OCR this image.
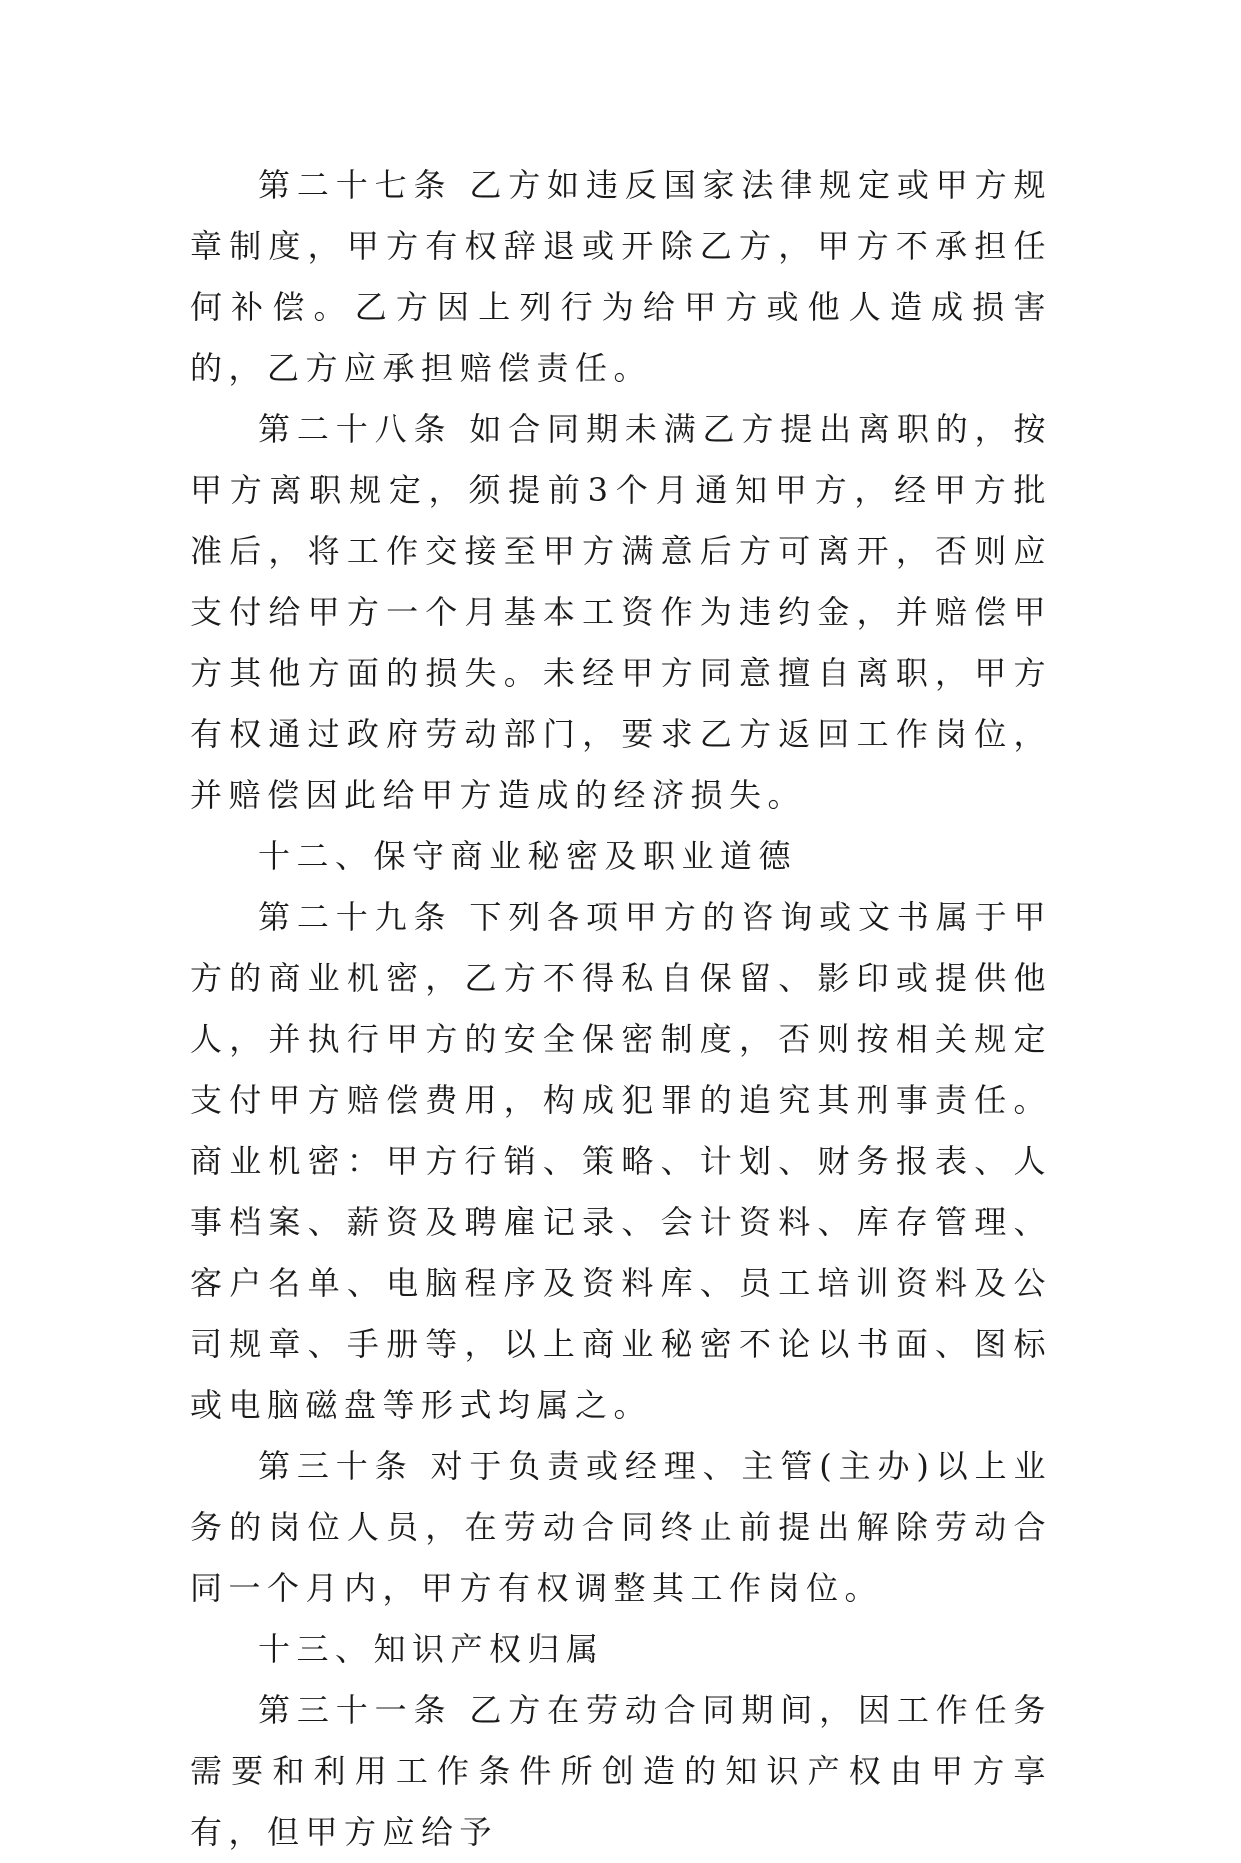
第二十七条 乙方如违反国家法律规定或甲方规章制度，甲方有权辞退或开除乙方，甲方不承担任何补偿。乙方因上列行为给甲方或他人造成损害的，乙方应承担赔偿责任。

第二十八条 如合同期未满乙方提出离职的，按甲方离职规定，须提前3个月通知甲方，经甲方批准后，将工作交接至甲方满意后方可离开，否则应支付给甲方一个月基本工资作为违约金，并赔偿甲方其他方面的损失。未经甲方同意擅自离职，甲方有权通过政府劳动部门，要求乙方返回工作岗位，并赔偿因此给甲方造成的经济损失。

十二、保守商业秘密及职业道德

第二十九条 下列各项甲方的咨询或文书属于甲方的商业机密，乙方不得私自保留、影印或提供他人，并执行甲方的安全保密制度，否则按相关规定支付甲方赔偿费用，构成犯罪的追究其刑事责任。商业机密：甲方行销、策略、计划、财务报表、人事档案、薪资及聘雇记录、会计资料、库存管理、客户名单、电脑程序及资料库、员工培训资料及公司规章、手册等，以上商业秘密不论以书面、图标或电脑磁盘等形式均属之。

第三十条 对于负责或经理、主管(主办)以上业务的岗位人员，在劳动合同终止前提出解除劳动合同一个月内，甲方有权调整其工作岗位。

十三、知识产权归属

第三十一条 乙方在劳动合同期间，因工作任务需要和利用工作条件所创造的知识产权由甲方享有，但甲方应给予
